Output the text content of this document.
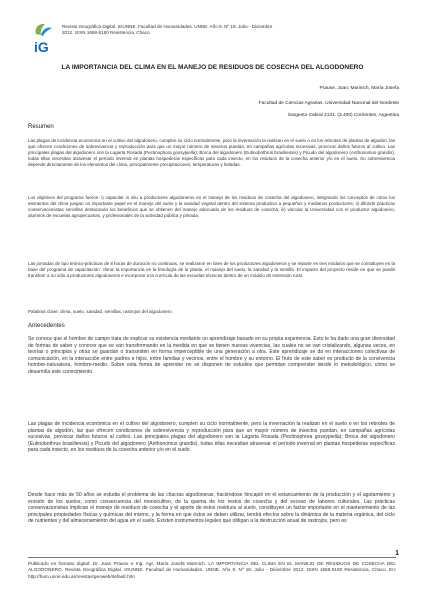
iG
Revista Geográfica Digital. IGUNNE. Facultad de Humanidades. UNNE. Año 9. Nº 18. Julio - Diciembre
2012. ISSN 1668-5180 Resistencia, Chaco
LA IMPORTANCIA DEL CLIMA EN EL MANEJO DE RESIDUOS DE COSECHA DEL ALGODONERO
Prause, Juan; Marinich, María Josefa
Facultad de Ciencias Agrarias. Universidad Nacional del Nordeste
Sargento Cabral 2131. (3.400) Corrientes, Argentina
Resumen

Las plagas de incidencia económica en el cultivo del algodonero, cumplen su ciclo normalmente, pero la invernación la realizan en el suelo o en los rebrotes de plantas de algodón, las que ofrecen condiciones de sobrevivencia y reproducción para que un mayor número de insectos puedan, en campañas agrícolas sucesivas, provocar daños futuros al cultivo. Las principales plagas del algodonero son la Lagarta Rosada (Pectinophora gossypiella); Broca del algodonero (Eutinobothrus brasiliensis) y Picudo del algodonero (Anthonomus grandis), todas ellas necesitan atravesar el período invernal en plantas hospederas específicas para cada insecto, en los residuos de la cosecha anterior y/o en el suelo. Su sobrevivencia depende directamente de los elementos del clima, principalmente precipitaciones, temperaturas y heladas.

Los objetivos del programa fueron: i) capacitar in situ a productores algodoneros en el manejo de los residuos de cosecha del algodonero, integrando los conceptos de cómo los elementos del clima juegan un importante papel en el manejo del suelo y la sanidad vegetal dentro del sistema productivo a pequeños y medianos productores; ii) difundir prácticas conservacionistas sencillas destacando los beneficios que se obtienen del manejo adecuado de los residuos de cosecha; iii) vincular la Universidad con el productor algodonero, alumnos de escuelas agropecuarias, y profesionales de la actividad pública y privada.

Las jornadas de tipo teórico-prácticas de 8 horas de duración no continuas, se realizaron en lotes de los productores algodoneros y se reparte en tres módulos que se constituyen en la base del programa de capacitación: clima: la importancia en la fenología de la planta, el manejo del suelo, la sanidad y la semilla. El impacto del proyecto reside en que se puede transferir a no sólo a productores algodoneros e incorporar a la currícula de las escuelas técnicas dentro de un módulo de extensión rural.

Palabras clave: clima, suelo, sanidad, semillas, rastrojos del algodonero.

Antecedentes

Se conoce que el hombre de campo trata de explicar su existencia mediante un aprendizaje basado en su propia experiencia. Esto le ha dado una gran diversidad de formas de saber y conocer que se van transformando en la medida en que se tienen nuevas vivencias, las cuales no se van cristalizando, algunas veces, en teorías o principios y otras se guardan o transmiten en forma imperceptible de una generación a otra. Este aprendizaje se da en interacciones colectivas de comunicación, en la interacción entre padres e hijos, entre familias y vecinos, entre el hombre y su entorno. El fruto de este saber es producto de la convivencia hombre-naturaleza, hombre-medio. Sobre esta forma de aprender no se disponen de estudios que permitan comprender desde lo metodológico, cómo se desarrolla este conocimiento.

Las plagas de incidencia económica en el cultivo del algodonero, cumplen su ciclo normalmente, pero la invernación la realizan en el suelo o en los rebrotes de plantas de algodón, las que ofrecen condiciones de sobrevivencia y reproducción para que un mayor número de insectos puedan, en campañas agrícolas sucesivas, provocar daños futuros al cultivo. Las principales plagas del algodonero son la Lagarta Rosada (Pectinophora gossypiella); Broca del algodonero (Eutinobothrus brasiliensis) y Picudo del algodonero (Anthonomus grandis), todas ellas necesitan atravesar el período invernal en plantas hospederas específicas para cada insecto, en los residuos de la cosecha anterior y/o en el suelo.

Desde hace más de 50 años se estudia el problema de las chacras algodoneras, haciéndose hincapié en el estancamiento de la producción y el agotamiento y erosión de los suelos, como consecuencia del monocultivo, de la quema de los restos de cosecha y del exceso de labores culturales. Las prácticas conservacionistas implican el manejo de residuos de cosecha y el aporte de éstos residuos al suelo, constituyen un factor importante en el mantenimiento de las principales propiedades físicas y químicas del mismo, y la forma en que éstos se deben utilizar, tendrá efectos sobre la dinámica de la materia orgánica, del ciclo de nutrientes y del almacenamiento del agua en el suelo. Existen instrumentos legales que obligan a la destrucción anual de rastrojos, pero es

1
Publicado en formato digital: Dr. Juan Prause e Ing. Agr. María Josefa Marinich. LA IMPORTANCIA DEL CLIMA EN EL MANEJO DE RESIDUOS DE COSECHA DEL ALGODONERO. Revista Geográfica Digital. IGUNNE. Facultad de Humanidades. UNNE. Año 9. Nº 18. Julio - Diciembre 2012. ISSN 1668-5180 Resistencia, Chaco. En: http://hum.unne.edu.ar/revistas/geoweb/default.htm
